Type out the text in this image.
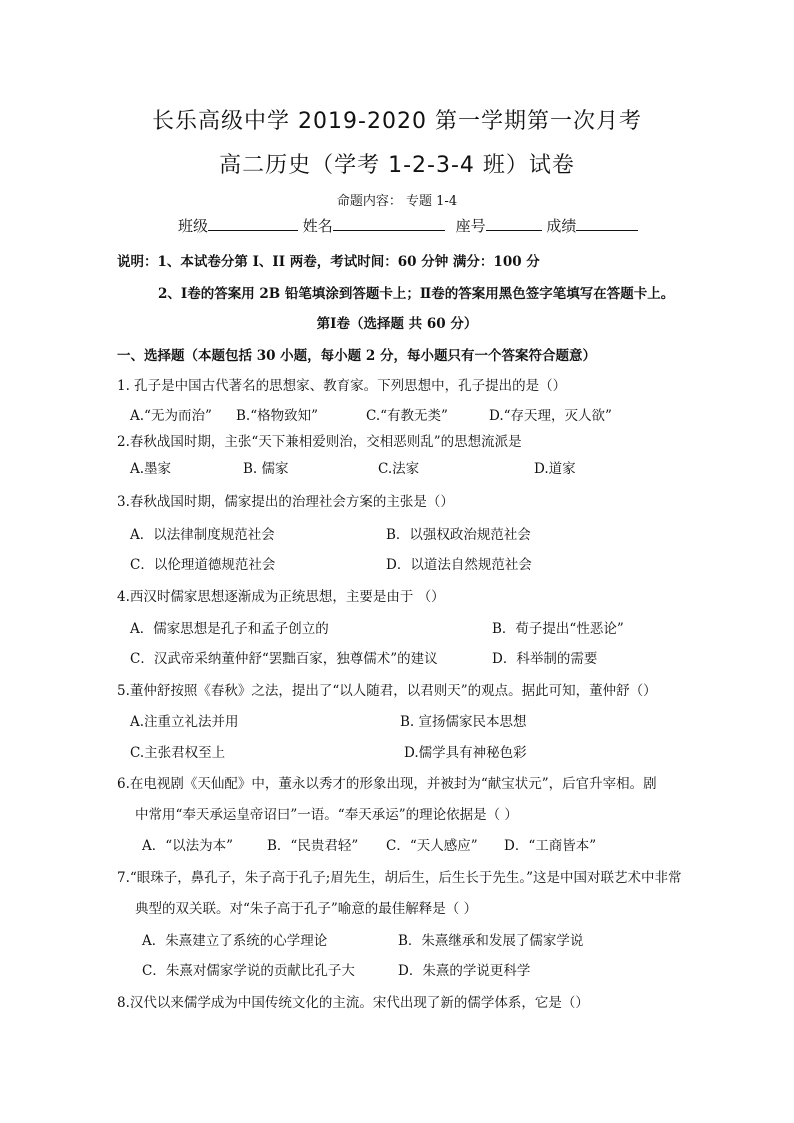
长乐高级中学 2019-2020 第一学期第一次月考
高二历史（学考 1-2-3-4 班）试卷
命题内容： 专题 1-4
班级	姓名	座号	成绩
说明：1、本试卷分第 I、II 两卷，考试时间：60 分钟 满分：100 分
2、Ⅰ卷的答案用 2B 铅笔填涂到答题卡上；Ⅱ卷的答案用黑色签字笔填写在答题卡上。
第Ⅰ卷（选择题 共 60 分）
一、选择题（本题包括 30 小题，每小题 2 分，每小题只有一个答案符合题意）
1. 孔子是中国古代著名的思想家、教育家。下列思想中，孔子提出的是（）
A.“无为而治” B.“格物致知”	C.“有教无类”	D.“存天理，灭人欲”
2.春秋战国时期，主张“天下兼相爱则治，交相恶则乱”的思想流派是
A.墨家	B. 儒家	C.法家	D.道家
3.春秋战国时期，儒家提出的治理社会方案的主张是（）
A．以法律制度规范社会	B．以强权政治规范社会
C．以伦理道德规范社会	D．以道法自然规范社会
4.西汉时儒家思想逐渐成为正统思想，主要是由于 （）
A．儒家思想是孔子和孟子创立的	B．荀子提出“性恶论”
C．汉武帝采纳董仲舒“罢黜百家，独尊儒术”的建议	D．科举制的需要
5.董仲舒按照《春秋》之法，提出了“以人随君，以君则天”的观点。据此可知，董仲舒（）
A.注重立礼法并用	B. 宣扬儒家民本思想
C.主张君权至上	D.儒学具有神秘色彩
6.在电视剧《天仙配》中，董永以秀才的形象出现，并被封为“献宝状元”，后官升宰相。剧
中常用“奉天承运皇帝诏曰”一语。“奉天承运”的理论依据是（ ）
A．“以法为本”	B．“民贵君轻” C．“天人感应” D．“工商皆本”
7.“眼珠子，鼻孔子，朱子高于孔子;眉先生，胡后生，后生长于先生。”这是中国对联艺术中非常
典型的双关联。对“朱子高于孔子”喻意的最佳解释是（ ）
A．朱熹建立了系统的心学理论	B．朱熹继承和发展了儒家学说
C．朱熹对儒家学说的贡献比孔子大	D．朱熹的学说更科学
8.汉代以来儒学成为中国传统文化的主流。宋代出现了新的儒学体系，它是（）
